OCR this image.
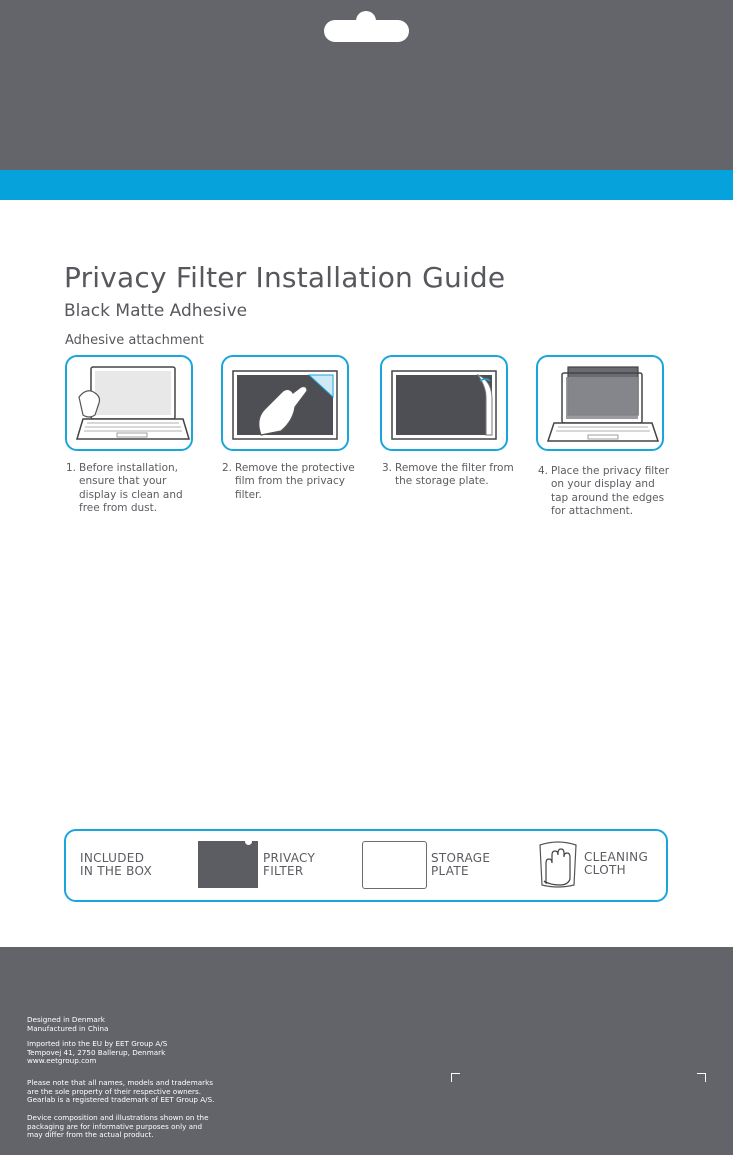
Privacy Filter Installation Guide
Black Matte Adhesive
Adhesive attachment
1. Before installation,
ensure that your
display is clean and
free from dust.
2. Remove the protective
film from the privacy
filter.
3. Remove the filter from
the storage plate.
4. Place the privacy filter
on your display and
tap around the edges
for attachment.
INCLUDED
IN THE BOX
PRIVACY
FILTER
STORAGE
PLATE
CLEANING
CLOTH
Designed in Denmark
Manufactured in China
Imported into the EU by EET Group A/S
Tempovej 41, 2750 Ballerup, Denmark
www.eetgroup.com
Please note that all names, models and trademarks
are the sole property of their respective owners.
Gearlab is a registered trademark of EET Group A/S.
Device composition and illustrations shown on the
packaging are for informative purposes only and
may differ from the actual product.
